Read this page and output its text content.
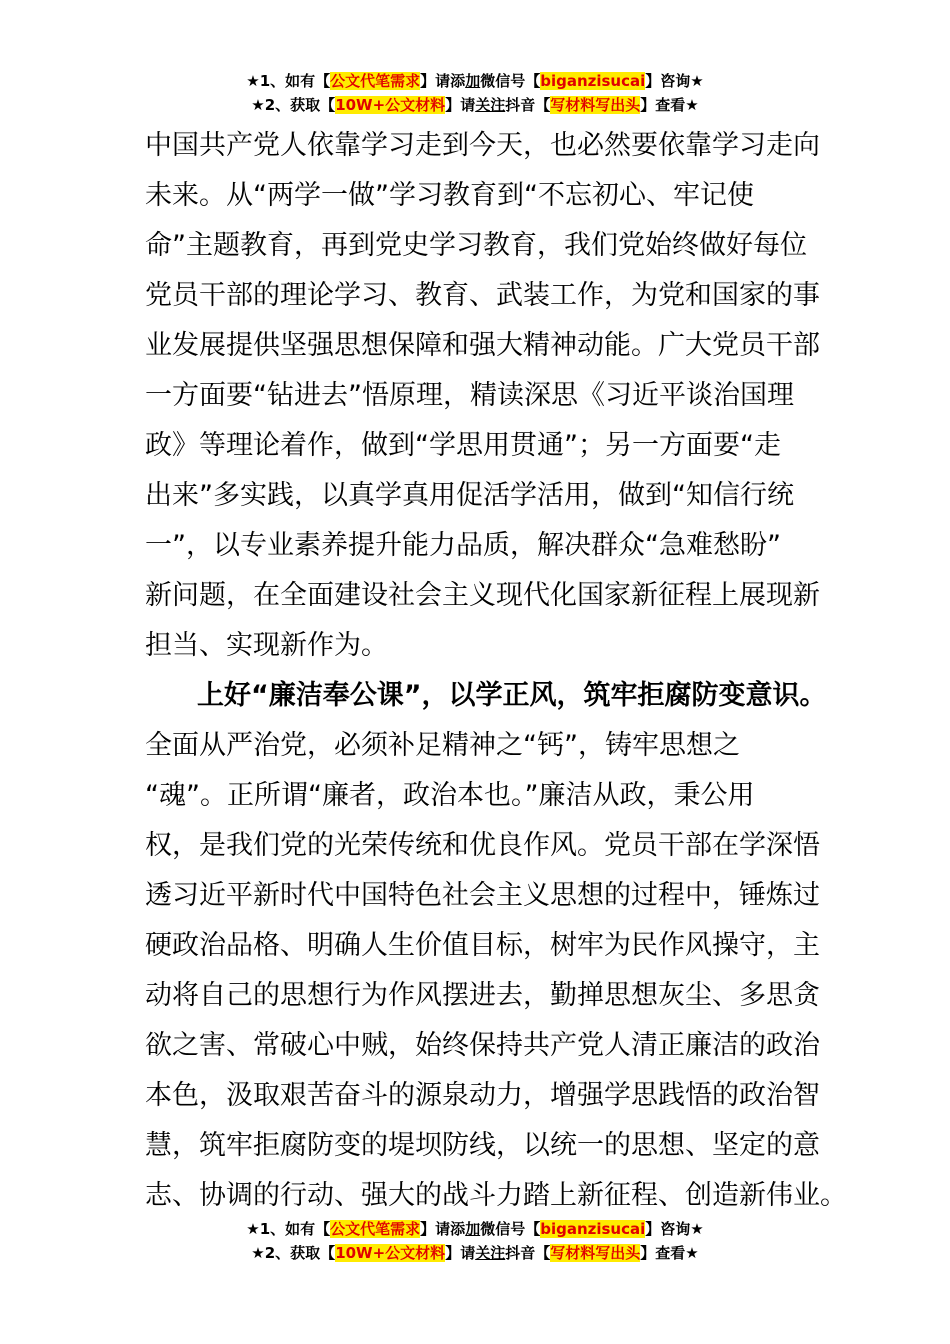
★1、如有【公文代笔需求】请添加微信号【biganzisucai】咨询★
★2、获取【10W+公文材料】请关注抖音【写材料写出头】查看★
中国共产党人依靠学习走到今天，也必然要依靠学习走向
未来。从“两学一做”学习教育到“不忘初心、牢记使
命”主题教育，再到党史学习教育，我们党始终做好每位
党员干部的理论学习、教育、武装工作，为党和国家的事
业发展提供坚强思想保障和强大精神动能。广大党员干部
一方面要“钻进去”悟原理，精读深思《习近平谈治国理
政》等理论着作，做到“学思用贯通”；另一方面要“走
出来”多实践，以真学真用促活学活用，做到“知信行统
一”，以专业素养提升能力品质，解决群众“急难愁盼”
新问题，在全面建设社会主义现代化国家新征程上展现新
担当、实现新作为。
上好“廉洁奉公课”，以学正风，筑牢拒腐防变意识。
全面从严治党，必须补足精神之“钙”，铸牢思想之
“魂”。正所谓“廉者，政治本也。”廉洁从政，秉公用
权，是我们党的光荣传统和优良作风。党员干部在学深悟
透习近平新时代中国特色社会主义思想的过程中，锤炼过
硬政治品格、明确人生价值目标，树牢为民作风操守，主
动将自己的思想行为作风摆进去，勤掸思想灰尘、多思贪
欲之害、常破心中贼，始终保持共产党人清正廉洁的政治
本色，汲取艰苦奋斗的源泉动力，增强学思践悟的政治智
慧，筑牢拒腐防变的堤坝防线，以统一的思想、坚定的意
志、协调的行动、强大的战斗力踏上新征程、创造新伟业。
★1、如有【公文代笔需求】请添加微信号【biganzisucai】咨询★
★2、获取【10W+公文材料】请关注抖音【写材料写出头】查看★
